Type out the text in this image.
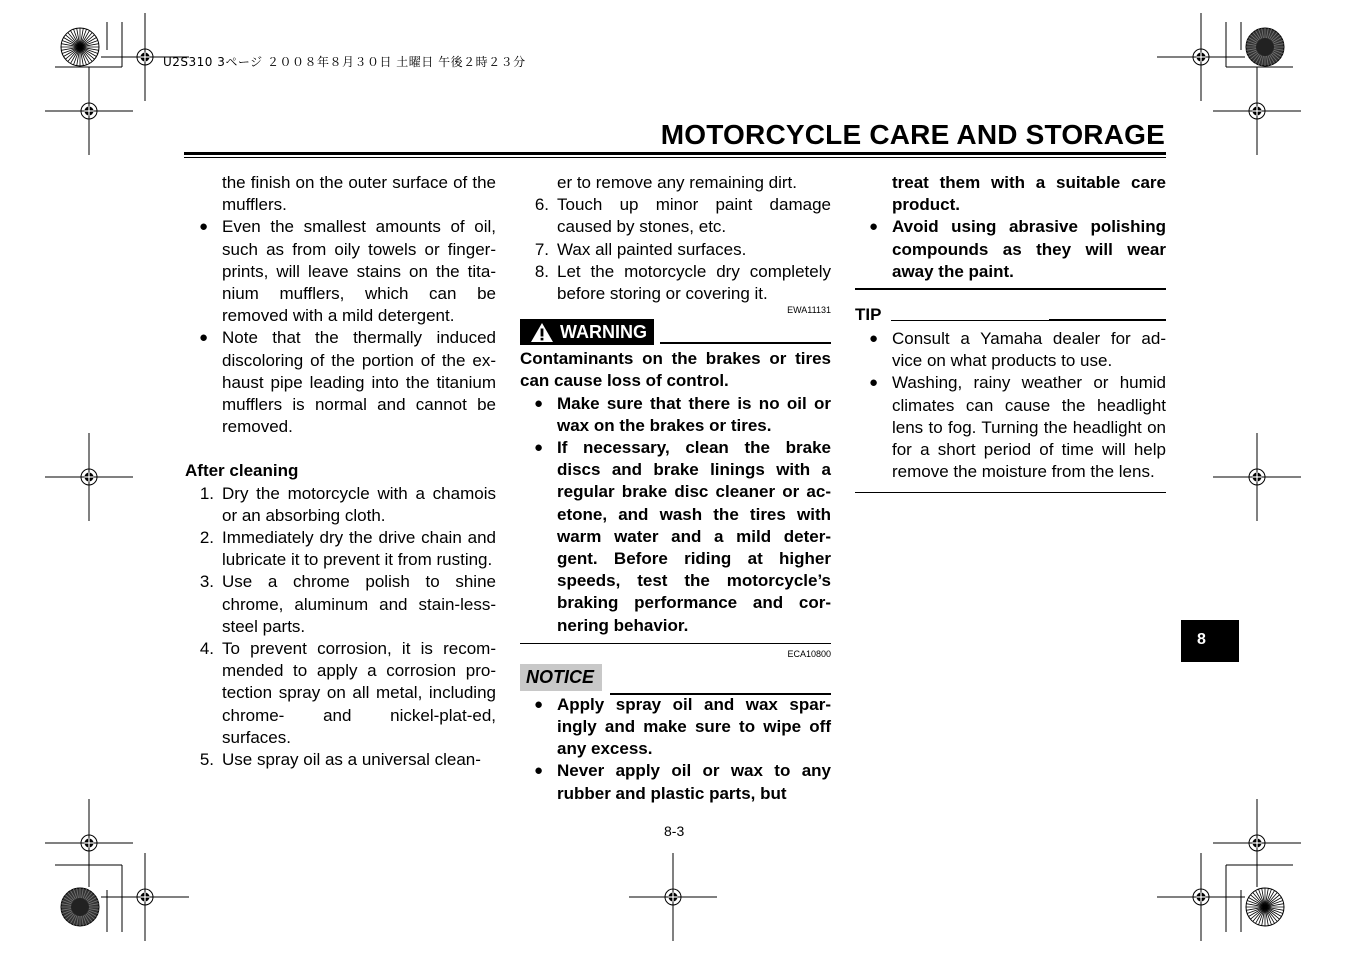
U2S310 3ページ ２００８年８月３０日 土曜日 午後２時２３分
MOTORCYCLE CARE AND STORAGE

the finish on the outer surface of the mufflers.

● Even the smallest amounts of oil, such as from oily towels or finger-prints, will leave stains on the tita-nium mufflers, which can be removed with a mild detergent.
● Note that the thermally induced discoloring of the portion of the ex-haust pipe leading into the titanium mufflers is normal and cannot be removed.

After cleaning

1. Dry the motorcycle with a chamois or an absorbing cloth.
2. Immediately dry the drive chain and lubricate it to prevent it from rusting.
3. Use a chrome polish to shine chrome, aluminum and stain-less-steel parts.
4. To prevent corrosion, it is recom-mended to apply a corrosion pro-tection spray on all metal, including chrome- and nickel-plat-ed, surfaces.
5. Use spray oil as a universal clean-

er to remove any remaining dirt.

6. Touch up minor paint damage caused by stones, etc.
7. Wax all painted surfaces.
8. Let the motorcycle dry completely before storing or covering it.
EWA11131
WARNING

Contaminants on the brakes or tires can cause loss of control.

● Make sure that there is no oil or wax on the brakes or tires.
● If necessary, clean the brake discs and brake linings with a regular brake disc cleaner or ac-etone, and wash the tires with warm water and a mild deter-gent. Before riding at higher speeds, test the motorcycle’s braking performance and cor-nering behavior.
ECA10800
NOTICE
● Apply spray oil and wax spar-ingly and make sure to wipe off any excess.
● Never apply oil or wax to any rubber and plastic parts, but

treat them with a suitable care product.

● Avoid using abrasive polishing compounds as they will wear away the paint.
TIP
● Consult a Yamaha dealer for ad-vice on what products to use.
● Washing, rainy weather or humid climates can cause the headlight lens to fog. Turning the headlight on for a short period of time will help remove the moisture from the lens.
8-3
8
